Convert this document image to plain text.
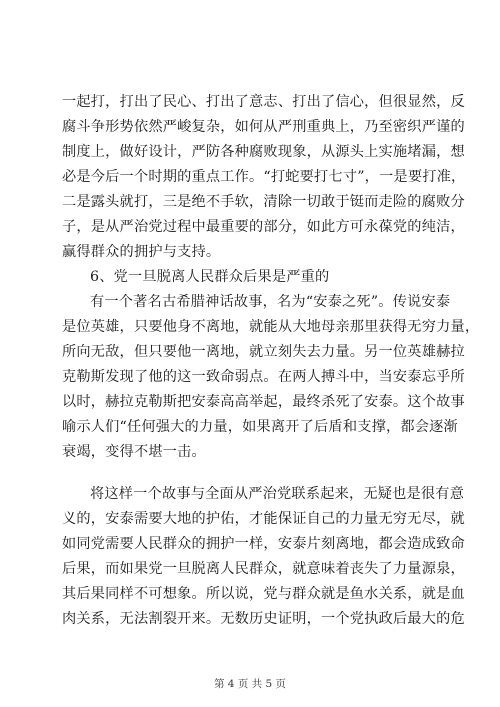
一起打，打出了民心、打出了意志、打出了信心，但很显然，反
腐斗争形势依然严峻复杂，如何从严刑重典上，乃至密织严谨的
制度上，做好设计，严防各种腐败现象，从源头上实施堵漏，想
必是今后一个时期的重点工作。“打蛇要打七寸”，一是要打准，
二是露头就打，三是绝不手软，清除一切敢于铤而走险的腐败分
子，是从严治党过程中最重要的部分，如此方可永葆党的纯洁，
赢得群众的拥护与支持。
6、党一旦脱离人民群众后果是严重的
有一个著名古希腊神话故事，名为“安泰之死”。传说安泰
是位英雄，只要他身不离地，就能从大地母亲那里获得无穷力量，
所向无敌，但只要他一离地，就立刻失去力量。另一位英雄赫拉
克勒斯发现了他的这一致命弱点。在两人搏斗中，当安泰忘乎所
以时，赫拉克勒斯把安泰高高举起，最终杀死了安泰。这个故事
喻示人们“任何强大的力量，如果离开了后盾和支撑，都会逐渐
衰竭，变得不堪一击。
将这样一个故事与全面从严治党联系起来，无疑也是很有意
义的，安泰需要大地的护佑，才能保证自己的力量无穷无尽，就
如同党需要人民群众的拥护一样，安泰片刻离地，都会造成致命
后果，而如果党一旦脱离人民群众，就意味着丧失了力量源泉，
其后果同样不可想象。所以说，党与群众就是鱼水关系，就是血
肉关系，无法割裂开来。无数历史证明，一个党执政后最大的危
第 4 页 共 5 页
